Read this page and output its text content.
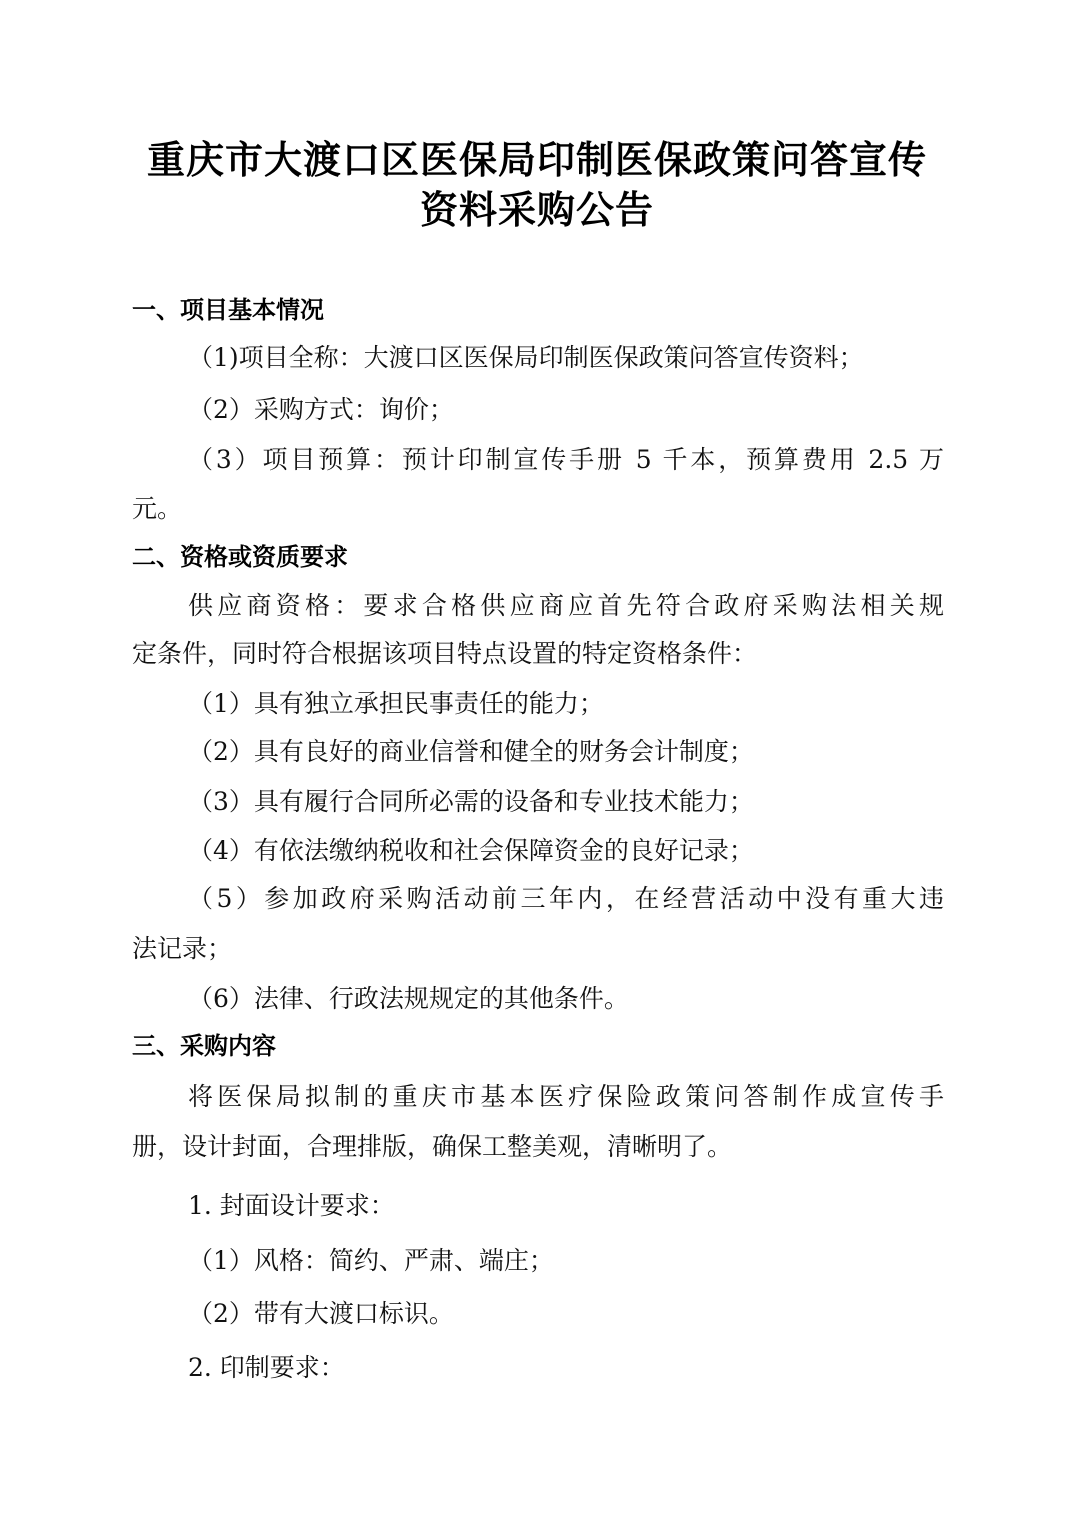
重庆市大渡口区医保局印制医保政策问答宣传
资料采购公告
一、项目基本情况
（1)项目全称：大渡口区医保局印制医保政策问答宣传资料；
（2）采购方式：询价；
（3）项目预算：预计印制宣传手册 5 千本，预算费用 2.5 万
元。
二、资格或资质要求
供应商资格：要求合格供应商应首先符合政府采购法相关规
定条件，同时符合根据该项目特点设置的特定资格条件：
（1）具有独立承担民事责任的能力；
（2）具有良好的商业信誉和健全的财务会计制度；
（3）具有履行合同所必需的设备和专业技术能力；
（4）有依法缴纳税收和社会保障资金的良好记录；
（5）参加政府采购活动前三年内，在经营活动中没有重大违
法记录；
（6）法律、行政法规规定的其他条件。
三、采购内容
将医保局拟制的重庆市基本医疗保险政策问答制作成宣传手
册，设计封面，合理排版，确保工整美观，清晰明了。
1. 封面设计要求：
（1）风格：简约、严肃、端庄；
（2）带有大渡口标识。
2. 印制要求：
